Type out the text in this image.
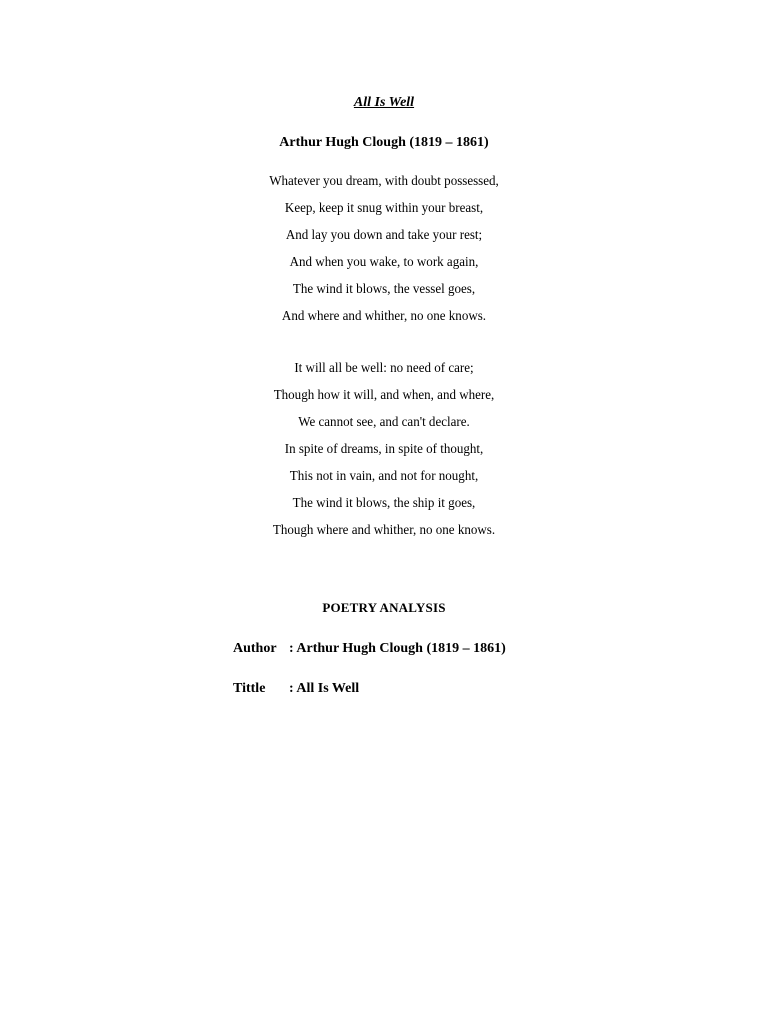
All Is Well
Arthur Hugh Clough (1819 – 1861)
Whatever you dream, with doubt possessed,
Keep, keep it snug within your breast,
And lay you down and take your rest;
And when you wake, to work again,
The wind it blows, the vessel goes,
And where and whither, no one knows.
It will all be well: no need of care;
Though how it will, and when, and where,
We cannot see, and can't declare.
In spite of dreams, in spite of thought,
This not in vain, and not for nought,
The wind it blows, the ship it goes,
Though where and whither, no one knows.
POETRY ANALYSIS
Author : Arthur Hugh Clough (1819 – 1861)
Tittle : All Is Well
